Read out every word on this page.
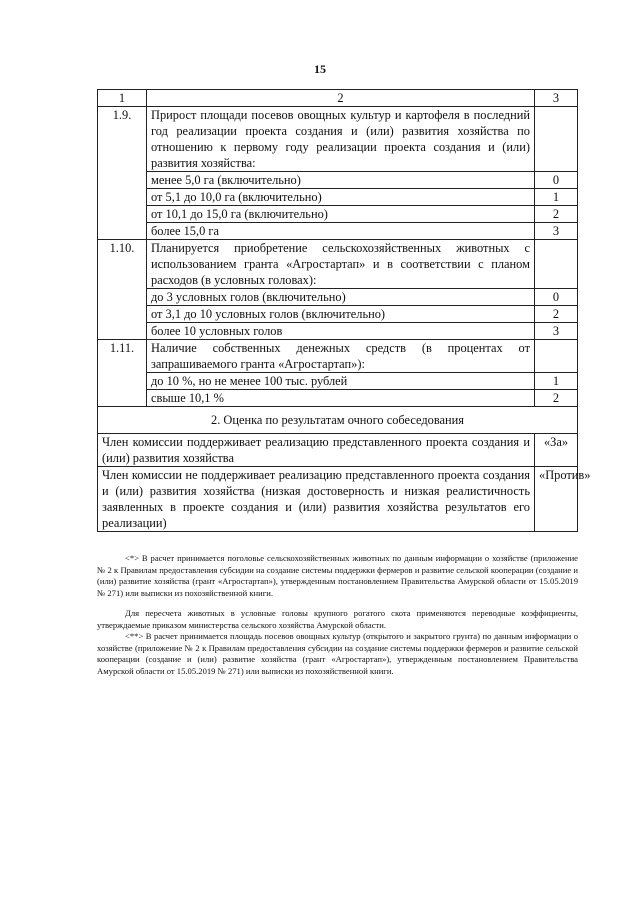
15
1	2	3
1.9.	Прирост площади посевов овощных культур и картофеля в последний год реализации проекта создания и (или) развития хозяйства по отношению к первому году реализации проекта создания и (или) развития хозяйства:	
	менее 5,0 га (включительно)	0
	от 5,1 до 10,0 га (включительно)	1
	от 10,1 до 15,0 га (включительно)	2
	более 15,0 га	3
1.10.	Планируется приобретение сельскохозяйственных животных с использованием гранта «Агростартап» и в соответствии с планом расходов (в условных головах):	
	до 3 условных голов (включительно)	0
	от 3,1 до 10 условных голов (включительно)	2
	более 10 условных голов	3
1.11.	Наличие собственных денежных средств (в процентах от запрашиваемого гранта «Агростартап»):	
	до 10 %, но не менее 100 тыс. рублей	1
	свыше 10,1 %	2
2. Оценка по результатам очного собеседования		
Член комиссии поддерживает реализацию представленного проекта создания и (или) развития хозяйства		«За»
Член комиссии не поддерживает реализацию представленного проекта создания и (или) развития хозяйства (низкая достоверность и низкая реалистичность заявленных в проекте создания и (или) развития хозяйства результатов его реализации)		«Против»

<*> В расчет принимается поголовье сельскохозяйственных животных по данным информации о хозяйстве (приложение № 2 к Правилам предоставления субсидии на создание системы поддержки фермеров и развитие сельской кооперации (создание и (или) развитие хозяйства (грант «Агростартап»), утвержденным постановлением Правительства Амурской области от 15.05.2019 № 271) или выписки из похозяйственной книги.

Для пересчета животных в условные головы крупного рогатого скота применяются переводные коэффициенты, утверждаемые приказом министерства сельского хозяйства Амурской области.

<**> В расчет принимается площадь посевов овощных культур (открытого и закрытого грунта) по данным информации о хозяйстве (приложение № 2 к Правилам предоставления субсидии на создание системы поддержки фермеров и развитие сельской кооперации (создание и (или) развитие хозяйства (грант «Агростартап»), утвержденным постановлением Правительства Амурской области от 15.05.2019 № 271) или выписки из похозяйственной книги.
